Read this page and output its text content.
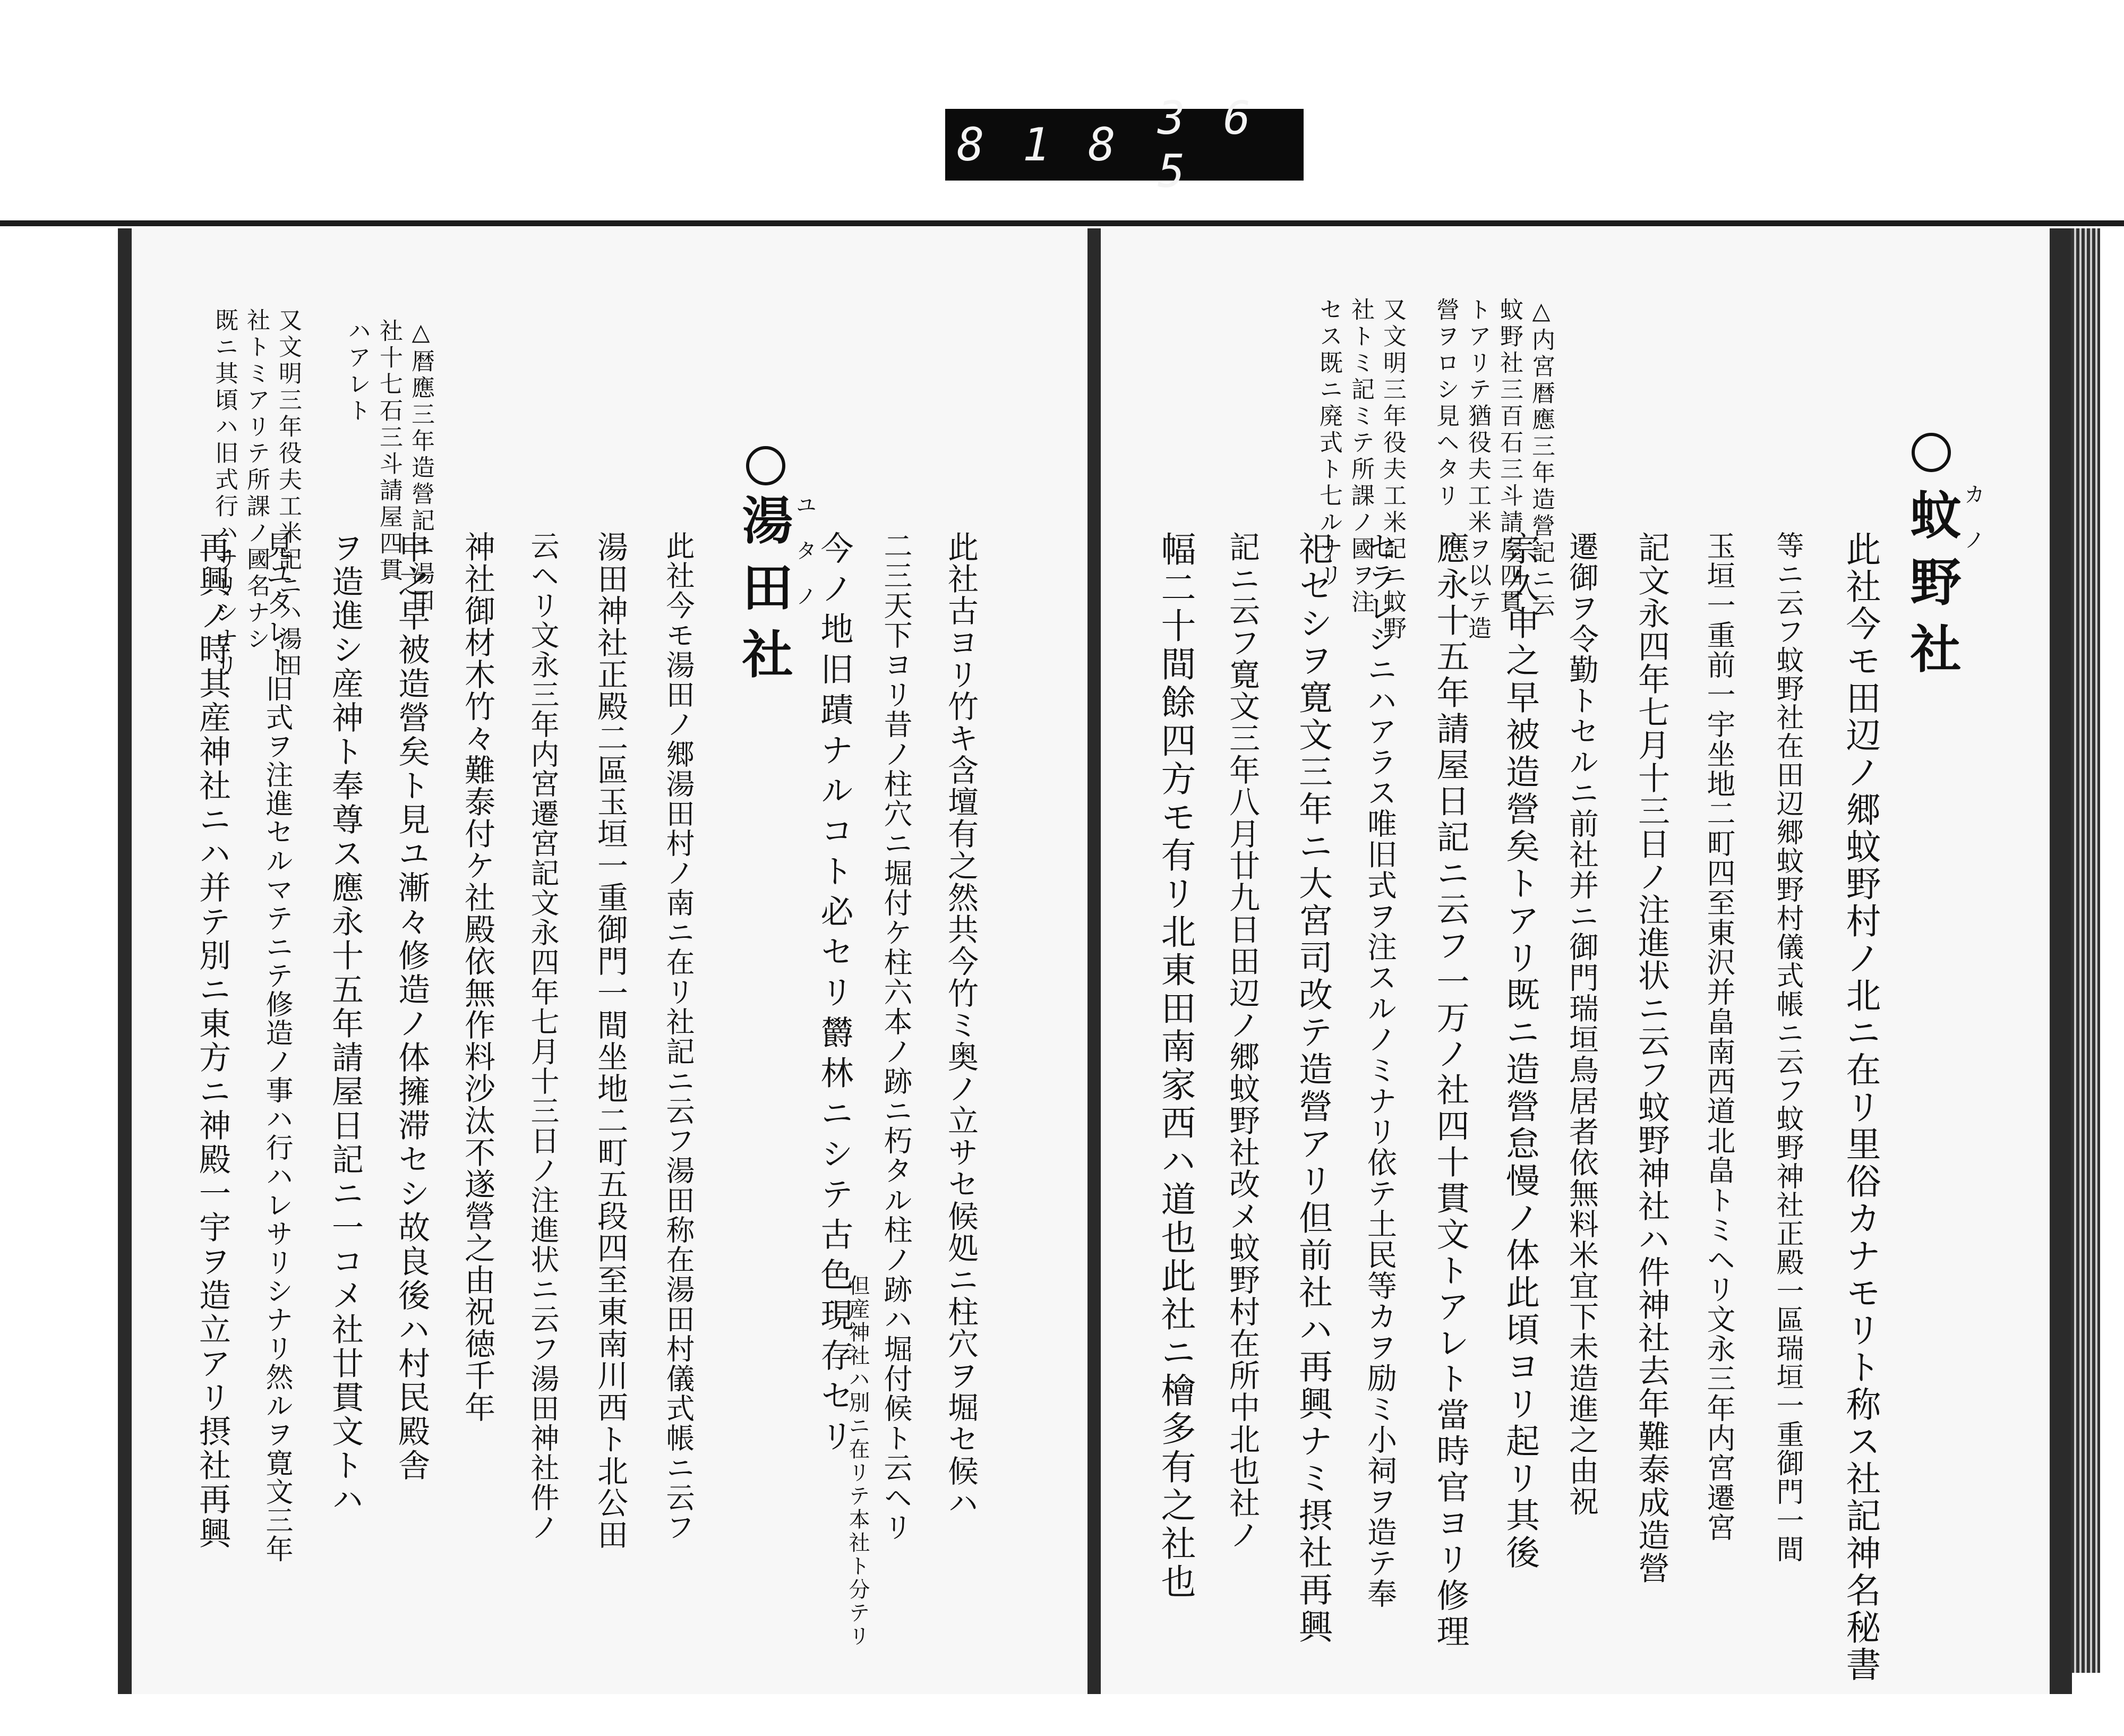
8 1 8 3 6 5
蚊野社
カ ノ
△内宮暦應三年造營記ニ云
蚊野社三百石三斗請屋四貫
トアリテ猶役夫工米ヲ以テ造
營ヲロシ見ヘタリ
又文明三年役夫工米記ニ蚊野
社トミ記ミテ所課ノ國ヲ注
セス既ニ廃式ト七ルナリ
此社今モ田辺ノ郷蚊野村ノ北ニ在リ里俗カナモリト称ス社記神名秘書
等ニ云フ蚊野社在田辺郷蚊野村儀式帳ニ云フ蚊野神社正殿一區瑞垣一重御門一間
玉垣一重前一宇坐地二町四至東沢并畠南西道北畠トミヘリ文永三年内宮遷宮
記文永四年七月十三日ノ注進状ニ云フ蚊野神社ハ件神社去年難泰成造營
遷御ヲ令勤トセルニ前社并ニ御門瑞垣鳥居者依無料米宜下未造進之由祝
宗久申之早被造營矣トアリ既ニ造營怠慢ノ体此頃ヨリ起リ其後
應永十五年請屋日記ニ云フ一万ノ社四十貫文トアレト當時官ヨリ修理
セラレシニハアラス唯旧式ヲ注スルノミナリ依テ土民等カヲ励ミ小祠ヲ造テ奉
祀セシヲ寛文三年ニ大宮司改テ造營アリ但前社ハ再興ナミ摂社再興
記ニ云フ寛文三年八月廿九日田辺ノ郷蚊野社改メ蚊野村在所中北也社ノ
幅二十間餘四方モ有リ北東田南家西ハ道也此社ニ檜多有之社也
湯田社
ユ タ ノ
△暦應三年造營記ニ湯田
社十七石三斗請屋四貫
ハアレト
又文明三年役夫工米記ニハ湯田
社トミアリテ所課ノ國名ナシ
既ニ其頃ハ旧式行ハサリシナリ
此社古ヨリ竹キ含壇有之然共今竹ミ奥ノ立サセ候処ニ柱穴ヲ堀セ候ハ
二三天下ヨリ昔ノ柱穴ニ堀付ケ柱六本ノ跡ニ朽タル柱ノ跡ハ堀付候ト云ヘリ
今ノ地旧蹟ナルコト必セリ欝林ニシテ古色現存セリ
但産神社ハ別ニ在リテ本社ト分テリ
此社今モ湯田ノ郷湯田村ノ南ニ在リ社記ニ云フ湯田称在湯田村儀式帳ニ云フ
湯田神社正殿二區玉垣一重御門一間坐地二町五段四至東南川西ト北公田
云ヘリ文永三年内宮遷宮記文永四年七月十三日ノ注進状ニ云フ湯田神社件ノ
神社御材木竹々難泰付ケ社殿依無作料沙汰不遂營之由祝徳千年
申之早被造營矣ト見ユ漸々修造ノ体擁滞セシ故良後ハ村民殿舎
ヲ造進シ産神ト奉尊ス應永十五年請屋日記ニ一コメ社廿貫文トハ
見ユタレト旧式ヲ注進セルマテニテ修造ノ事ハ行ハレサリシナリ然ルヲ寛文三年
再興ノ時其産神社ニハ并テ別ニ東方ニ神殿一宇ヲ造立アリ摂社再興
